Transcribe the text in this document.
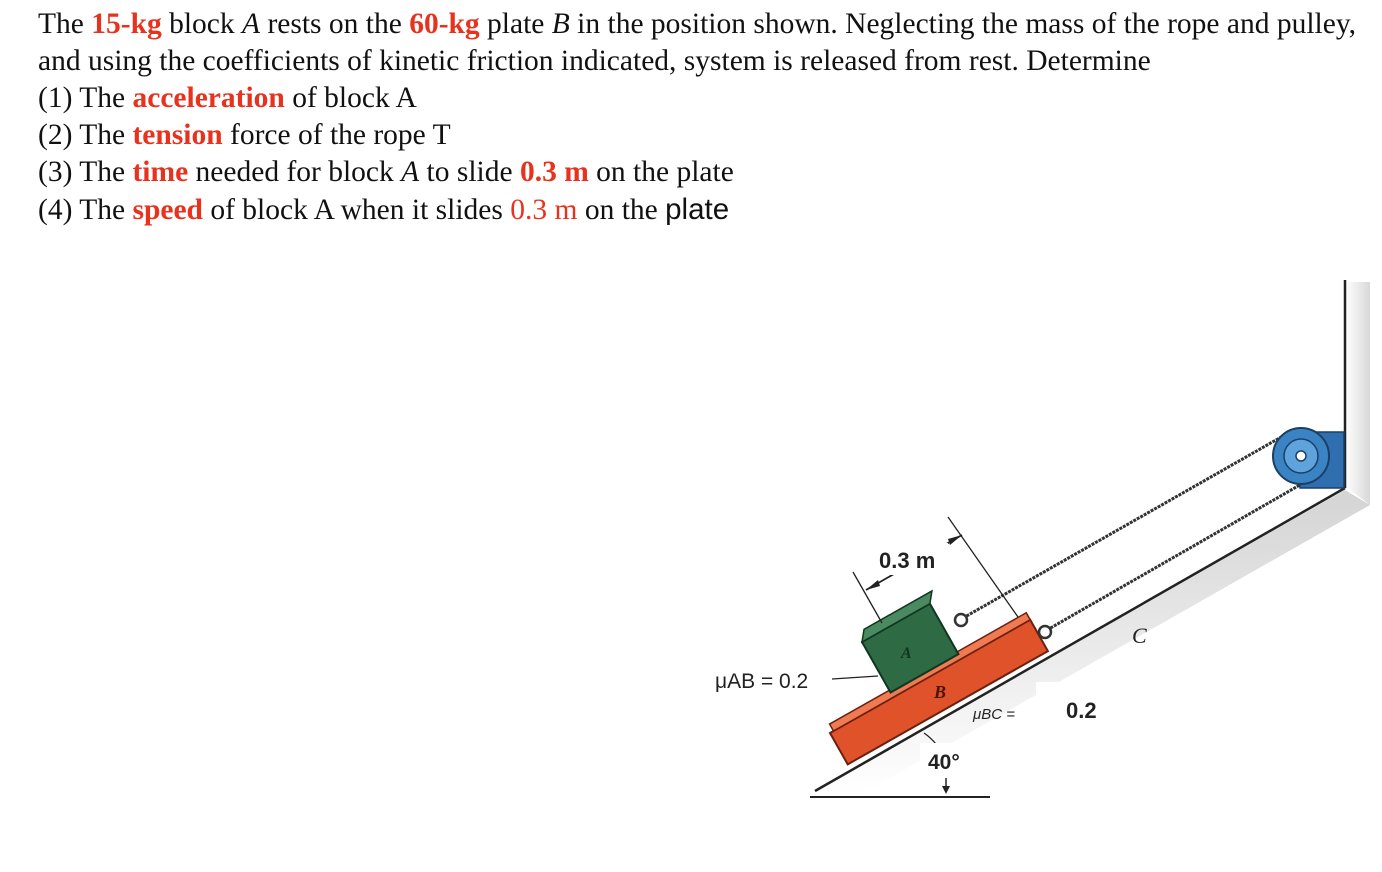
The 15-kg block A rests on the 60-kg plate B in the position shown. Neglecting the mass of the rope and pulley, and using the coefficients of kinetic friction indicated, system is released from rest. Determine

(1) The acceleration of block A

(2) The tension force of the rope T

(3) The time needed for block A to slide 0.3 m on the plate

(4) The speed of block A when it slides 0.3 m on the plate

0.3 m
A
B
C
μAB = 0.2
μBC = 0.2
40°
